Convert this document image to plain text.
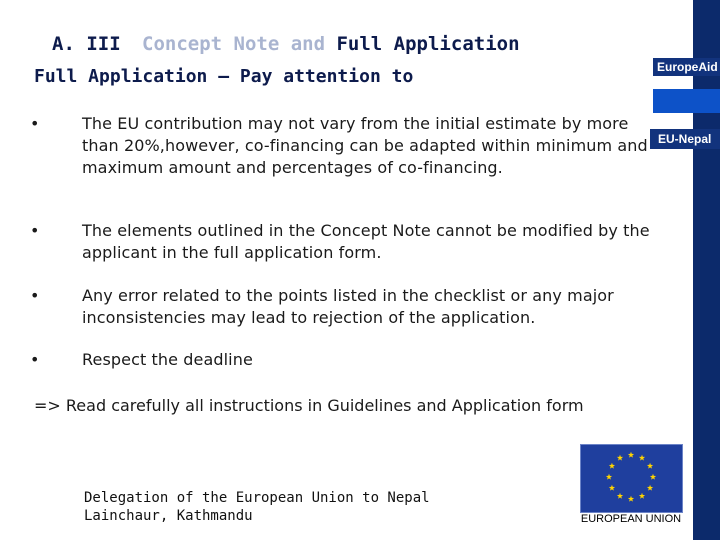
A. III Concept Note and Full Application
Full Application – Pay attention to
•	The EU contribution may not vary from the initial estimate by more than 20%,however, co-financing can be adapted within minimum and maximum amount and percentages of co-financing.
•	The elements outlined in the Concept Note cannot be modified by the applicant in the full application form.
•	Any error related to the points listed in the checklist or any major inconsistencies may lead to rejection of the application.
•	Respect the deadline
=> Read carefully all instructions in Guidelines and Application form
Delegation of the European Union to Nepal
Lainchaur, Kathmandu
EuropeAid
EU-Nepal
EUROPEAN UNION
